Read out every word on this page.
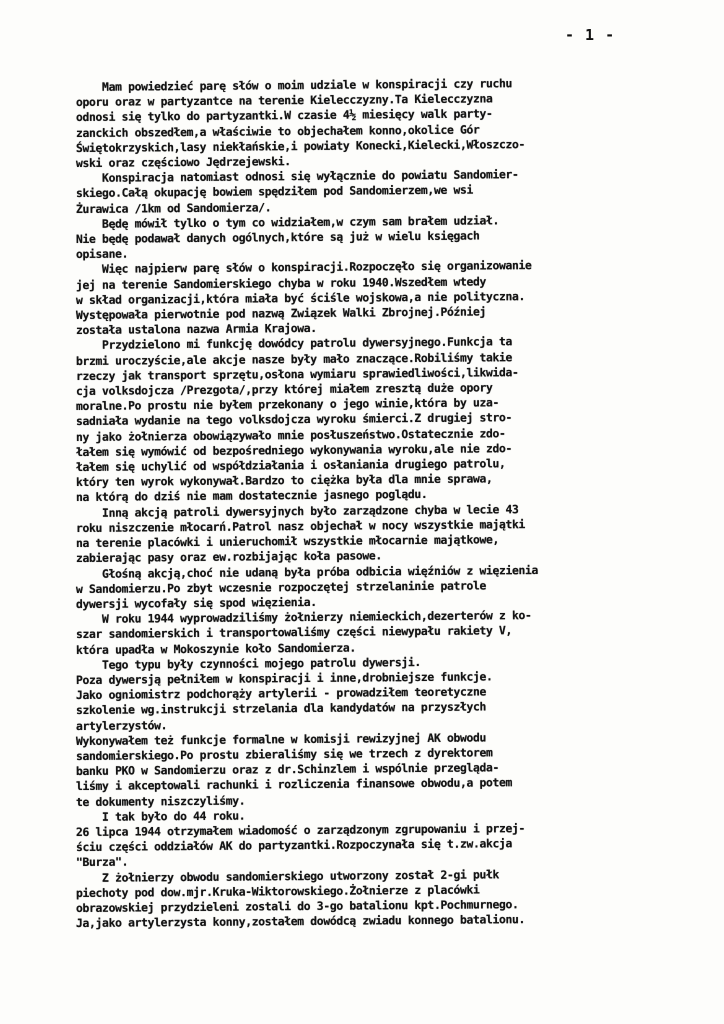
- 1 -
Mam powiedzieć parę słów o moim udziale w konspiracji czy ruchu
oporu oraz w partyzantce na terenie Kielecczyzny.Ta Kielecczyzna
odnosi się tylko do partyzantki.W czasie 4½ miesięcy walk party-
zanckich obszedłem,a właściwie to objechałem konno,okolice Gór
Świętokrzyskich,lasy niekłańskie,i powiaty Konecki,Kielecki,Włoszczo-
wski oraz częściowo Jędrzejewski.
Konspiracja natomiast odnosi się wyłącznie do powiatu Sandomier-
skiego.Całą okupację bowiem spędziłem pod Sandomierzem,we wsi
Żurawica /1km od Sandomierza/.
Będę mówił tylko o tym co widziałem,w czym sam brałem udział.
Nie będę podawał danych ogólnych,które są już w wielu księgach
opisane.
Więc najpierw parę słów o konspiracji.Rozpoczęło się organizowanie
jej na terenie Sandomierskiego chyba w roku 1940.Wszedłem wtedy
w skład organizacji,która miała być ściśle wojskowa,a nie polityczna.
Występowała pierwotnie pod nazwą Związek Walki Zbrojnej.Później
została ustalona nazwa Armia Krajowa.
Przydzielono mi funkcję dowódcy patrolu dywersyjnego.Funkcja ta
brzmi uroczyście,ale akcje nasze były mało znaczące.Robiliśmy takie
rzeczy jak transport sprzętu,osłona wymiaru sprawiedliwości,likwida-
cja volksdojcza /Prezgota/,przy której miałem zresztą duże opory
moralne.Po prostu nie byłem przekonany o jego winie,która by uza-
sadniała wydanie na tego volksdojcza wyroku śmierci.Z drugiej stro-
ny jako żołnierza obowiązywało mnie posłuszeństwo.Ostatecznie zdo-
łałem się wymówić od bezpośredniego wykonywania wyroku,ale nie zdo-
łałem się uchylić od współdziałania i osłaniania drugiego patrolu,
który ten wyrok wykonywał.Bardzo to ciężka była dla mnie sprawa,
na którą do dziś nie mam dostatecznie jasnego poglądu.
Inną akcją patroli dywersyjnych było zarządzone chyba w lecie 43
roku niszczenie młocarń.Patrol nasz objechał w nocy wszystkie majątki
na terenie placówki i unieruchomił wszystkie młocarnie majątkowe,
zabierając pasy oraz ew.rozbijając koła pasowe.
Głośną akcją,choć nie udaną była próba odbicia więźniów z więzienia
w Sandomierzu.Po zbyt wczesnie rozpoczętej strzelaninie patrole
dywersji wycofały się spod więzienia.
W roku 1944 wyprowadziliśmy żołnierzy niemieckich,dezerterów z ko-
szar sandomierskich i transportowaliśmy części niewypału rakiety V,
która upadła w Mokoszynie koło Sandomierza.
Tego typu były czynności mojego patrolu dywersji.
Poza dywersją pełniłem w konspiracji i inne,drobniejsze funkcje.
Jako ogniomistrz podchorąży artylerii - prowadziłem teoretyczne
szkolenie wg.instrukcji strzelania dla kandydatów na przyszłych
artylerzystów.
Wykonywałem też funkcje formalne w komisji rewizyjnej AK obwodu
sandomierskiego.Po prostu zbieraliśmy się we trzech z dyrektorem
banku PKO w Sandomierzu oraz z dr.Schinzlem i wspólnie przegląda-
liśmy i akceptowali rachunki i rozliczenia finansowe obwodu,a potem
te dokumenty niszczyliśmy.
I tak było do 44 roku.
26 lipca 1944 otrzymałem wiadomość o zarządzonym zgrupowaniu i przej-
ściu części oddziałów AK do partyzantki.Rozpoczynała się t.zw.akcja
"Burza".
Z żołnierzy obwodu sandomierskiego utworzony został 2-gi pułk
piechoty pod dow.mjr.Kruka-Wiktorowskiego.Żołnierze z placówki
obrazowskiej przydzieleni zostali do 3-go batalionu kpt.Pochmurnego.
Ja,jako artylerzysta konny,zostałem dowódcą zwiadu konnego batalionu.
